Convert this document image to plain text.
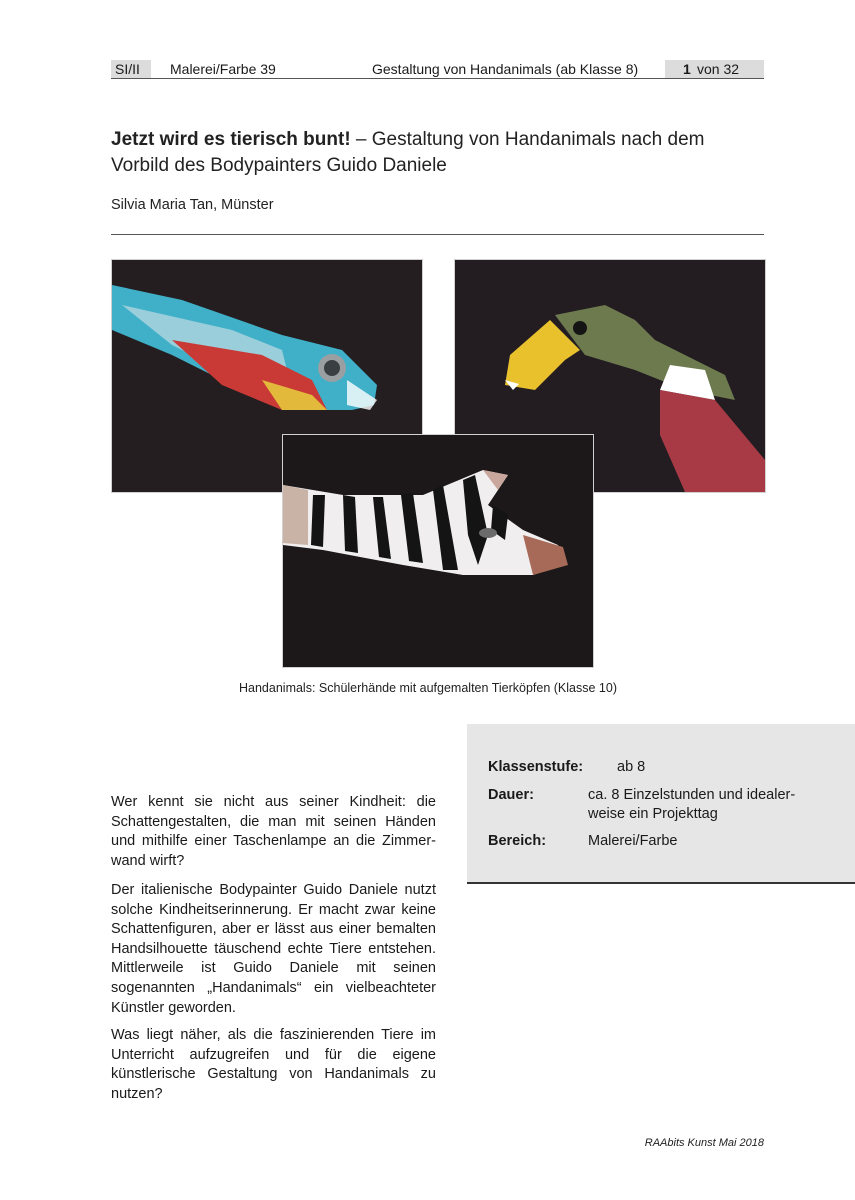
SI/II Malerei/Farbe 39	Gestaltung von Handanimals (ab Klasse 8)	1 von 32
Jetzt wird es tierisch bunt! – Gestaltung von Handanimals nach dem Vorbild des Bodypainters Guido Daniele
Silvia Maria Tan, Münster
Handanimals: Schülerhände mit aufgemalten Tierköpfen (Klasse 10)
Klassenstufe: ab 8
Dauer:	ca. 8 Einzelstunden und idealerweise ein Projekttag
Bereich:	Malerei/Farbe
Wer kennt sie nicht aus seiner Kindheit: die Schattengestalten, die man mit seinen Händen und mithilfe einer Taschenlampe an die Zimmerwand wirft?
Der italienische Bodypainter Guido Daniele nutzt solche Kindheitserinnerung. Er macht zwar keine Schattenfiguren, aber er lässt aus einer bemalten Handsilhouette täuschend echte Tiere entstehen. Mittlerweile ist Guido Daniele mit seinen sogenannten „Handanimals“ ein vielbeachteter Künstler geworden.
Was liegt näher, als die faszinierenden Tiere im Unterricht aufzugreifen und für die eigene künstlerische Gestaltung von Handanimals zu nutzen?
RAAbits Kunst Mai 2018
